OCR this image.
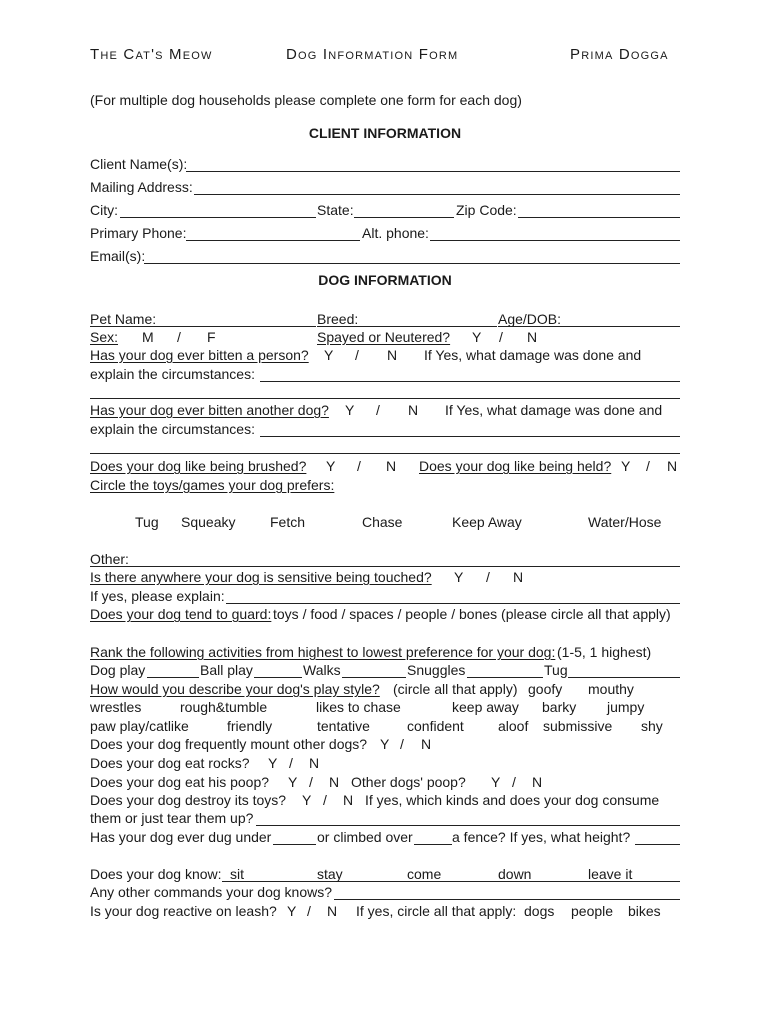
The Cat's Meow	Dog Information Form	Prima Dogga
(For multiple dog households please complete one form for each dog)
CLIENT INFORMATION
Client Name(s):
Mailing Address:
City:	State:	Zip Code:
Primary Phone:	Alt. phone:
Email(s):
DOG INFORMATION
Pet Name:	Breed:	Age/DOB:
Sex: M / F	Spayed or Neutered? Y / N
Has your dog ever bitten a person? Y / N If Yes, what damage was done and
explain the circumstances:
Has your dog ever bitten another dog? Y / N If Yes, what damage was done and
explain the circumstances:
Does your dog like being brushed? Y / N Does your dog like being held? Y / N
Circle the toys/games your dog prefers:
Tug Squeaky Fetch	Chase	Keep Away	Water/Hose
Other:
Is there anywhere your dog is sensitive being touched? Y / N
If yes, please explain:
Does your dog tend to guard: toys / food / spaces / people / bones (please circle all that apply)
Rank the following activities from highest to lowest preference for your dog: (1-5, 1 highest)
Dog play	Ball play	Walks	Snuggles	Tug
How would you describe your dog's play style? (circle all that apply) goofy mouthy
wrestles	rough&tumble	likes to chase	keep away barky jumpy
paw play/catlike	friendly	tentative	confident aloof submissive shy
Does your dog frequently mount other dogs? Y / N
Does your dog eat rocks? Y / N
Does your dog eat his poop? Y / N Other dogs' poop? Y / N
Does your dog destroy its toys? Y / N If yes, which kinds and does your dog consume
them or just tear them up?
Has your dog ever dug under	or climbed over	a fence? If yes, what height?
Does your dog know: sit	stay	come	down	leave it
Any other commands your dog knows?
Is your dog reactive on leash? Y / N If yes, circle all that apply: dogs people bikes
